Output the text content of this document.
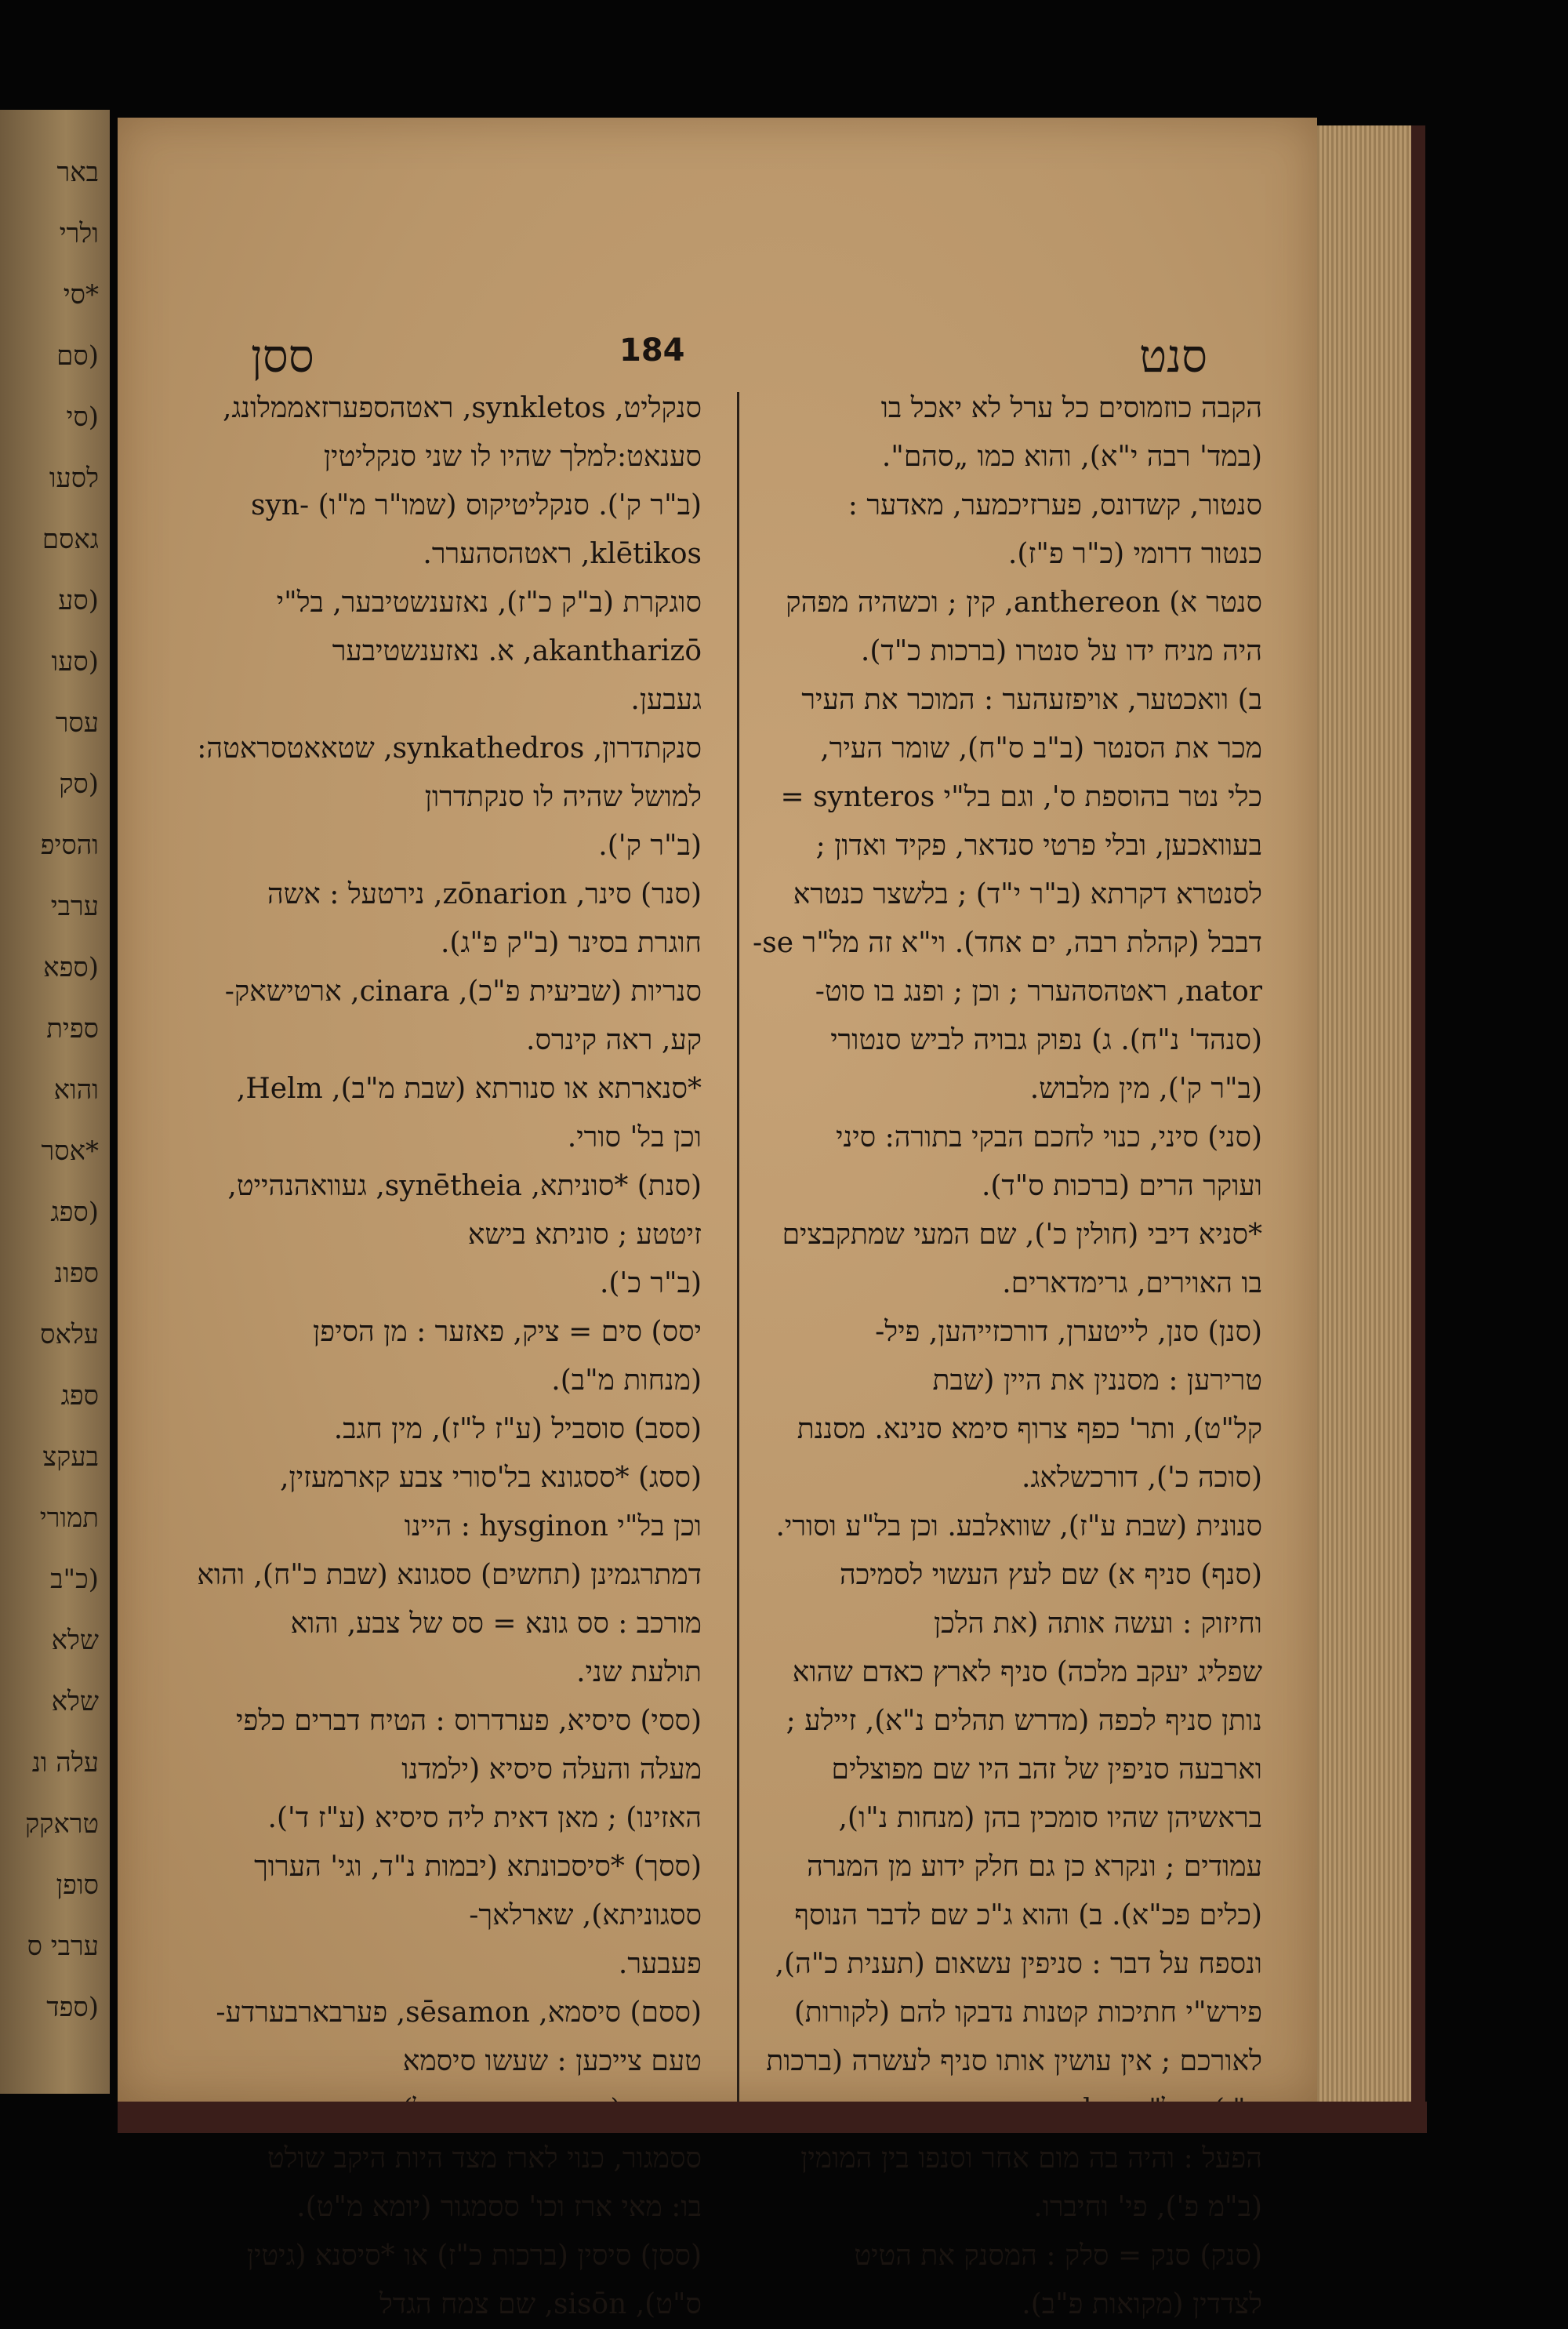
באר
ולרי
*סי
(סם
(סי
לסעו
גאסם
(סע
(סעו
עסר
(סק
והסיפ
ערבי
(ספא
ספית
והוא
*אסר
(ספג
ספונ
עלאס
ספג
בעקצ
תמורי
(כ"ב
שלא
שלא
עלה ונ
טראקק
סופן
ערבי ס
(ספד
סנט
184
ססן
הקבה כוזמוסים כל ערל לא יאכל בו
(במד' רבה י"א), והוא כמו „סהם".
סנטור, קשדונס, פערזיכמער, מאדער :
כנטור דרומי (כ"ר פ"ז).
סנטר א) anthereon, קין ; וכשהיה מפהק
היה מניח ידו על סנטרו (ברכות כ"ד).
ב) וואכטער, אויפזעהער : המוכר את העיר
מכר את הסנטר (ב"ב ס"ח), שומר העיר,
כלי נטר בהוספת ס', וגם בל"י synteros =
בעוואכען, ובלי פרטי סנדאר, פקיד ואדון ;
לסנטרא דקרתא (ב"ר י"ד) ; בלשצר כנטרא
דבבל (קהלת רבה, ים אחד). וי"א זה מל"ר se-
nator, ראטהסהערר ; וכן ; ופנג בו סוט-
(סנהד' נ"ח). ג) נפוק גבויה לביש סנטורי
(ב"ר ק'), מין מלבוש.
(סני) סיני, כנוי לחכם הבקי בתורה: סיני
ועוקר הרים (ברכות ס"ד).
*סניא דיבי (חולין כ'), שם המעי שמתקבצים
בו האוירים, גרימדארים.
(סנן) סנן, לייטערן, דורכזייהען, פיל-
טרירען : מסננין את היין (שבת
קל"ט), ותר' כפף צרוף סימא סנינא. מסננת
(סוכה כ'), דורכשלאג.
סנונית (שבת ע"ז), שוואלבע. וכן בל"ע וסורי.
(סנף) סניף א) שם לעץ העשוי לסמיכה
וחיזוק : ועשה אותה (את הלכן
שפליג יעקב מלכה) סניף לארץ כאדם שהוא
נותן סניף לכפה (מדרש תהלים נ"א), זיילע ;
וארבעה סניפין של זהב היו שם מפוצלים
בראשיהן שהיו סומכין בהן (מנחות נ"ו),
עמודים ; ונקרא כן גם חלק ידוע מן המנרה
(כלים פכ"א). ב) והוא ג"כ שם לדבר הנוסף
ונספח על דבר : סניפין עשאום (תענית כ"ה),
פירש"י חתיכות קטנות נדבקו להם (לקורות)
לאורכם ; אין עושין אותו סניף לעשרה (ברכות
הפעל : והיה בה מום אחר וסנפו בין המומין
(ב"מ פ'), פי' וחיברו.
(סנק) סנק = סלק : המסנק את הטיט
לצדדין (מקואות פ"ב).
סנקליט, synkletos, ראטהספערזאממלונג,
סענאט:למלך שהיו לו שני סנקליטין
(ב"ר ק'). סנקליטיקוס (שמו"ר מ"ו) -syn
klētikos, ראטהסהערר.
סוגקרת (ב"ק כ"ז), נאזענשטיבער, בל"י
akanthari̇zō, א. נאזענשטיבער
געבען.
סנקתדרון, synkathedros, שטאאטסראטה:
למושל שהיה לו סנקתדרון
(ב"ר ק').
(סנר) סינר, zōnarion, נירטעל : אשה
חוגרת בסינר (ב"ק פ"ג).
סנריות (שביעית פ"כ), cinara, ארטישאק-
קע, ראה קינרס.
*סנארתא או סנורתא (שבת מ"ב), Helm,
וכן בל' סורי.
(סנת) *סוניתא, synētheia, געוואהנהייט,
זיטטע ; סוניתא בישא
(ב"ר כ').
יסס) סים = ציק, פאזער : מן הסיפן
(מנחות מ"ב).
(ססב) סוסביל (ע"ז ל"ז), מין חגב.
(ססג) *ססגונא בל'סורי צבע קארמעזין,
וכן בל"י hysginon : היינו
דמתרגמינן (תחשים) ססגונא (שבת כ"ח), והוא
מורכב : סס גונא = סס של צבע, והוא
תולעת שני.
(ססי) סיסיא, פערדרוס : הטיח דברים כלפי
מעלה והעלה סיסיא (ילמדנו
האזינו) ; מאן דאית ליה סיסיא (ע"ז ד').
(ססך) *סיסכונתא (יבמות נ"ד, וגי' הערוך
ססגוניתא), שארלאך-
פעבער.
(ססם) סיסמא, sēsamon, פערבארבערדע-
טעם צייכען : שעשו סיסמא
ססמגור, כנוי לארז מצד היות היקב שולט
בו: מאי ארז וכו' ססמגור (יומא מ"ט).
(ססן) סיסין (ברכות כ"ז) או *סיסנא (גיטין
ס"ט), sisōn, שם צמח הגדל
